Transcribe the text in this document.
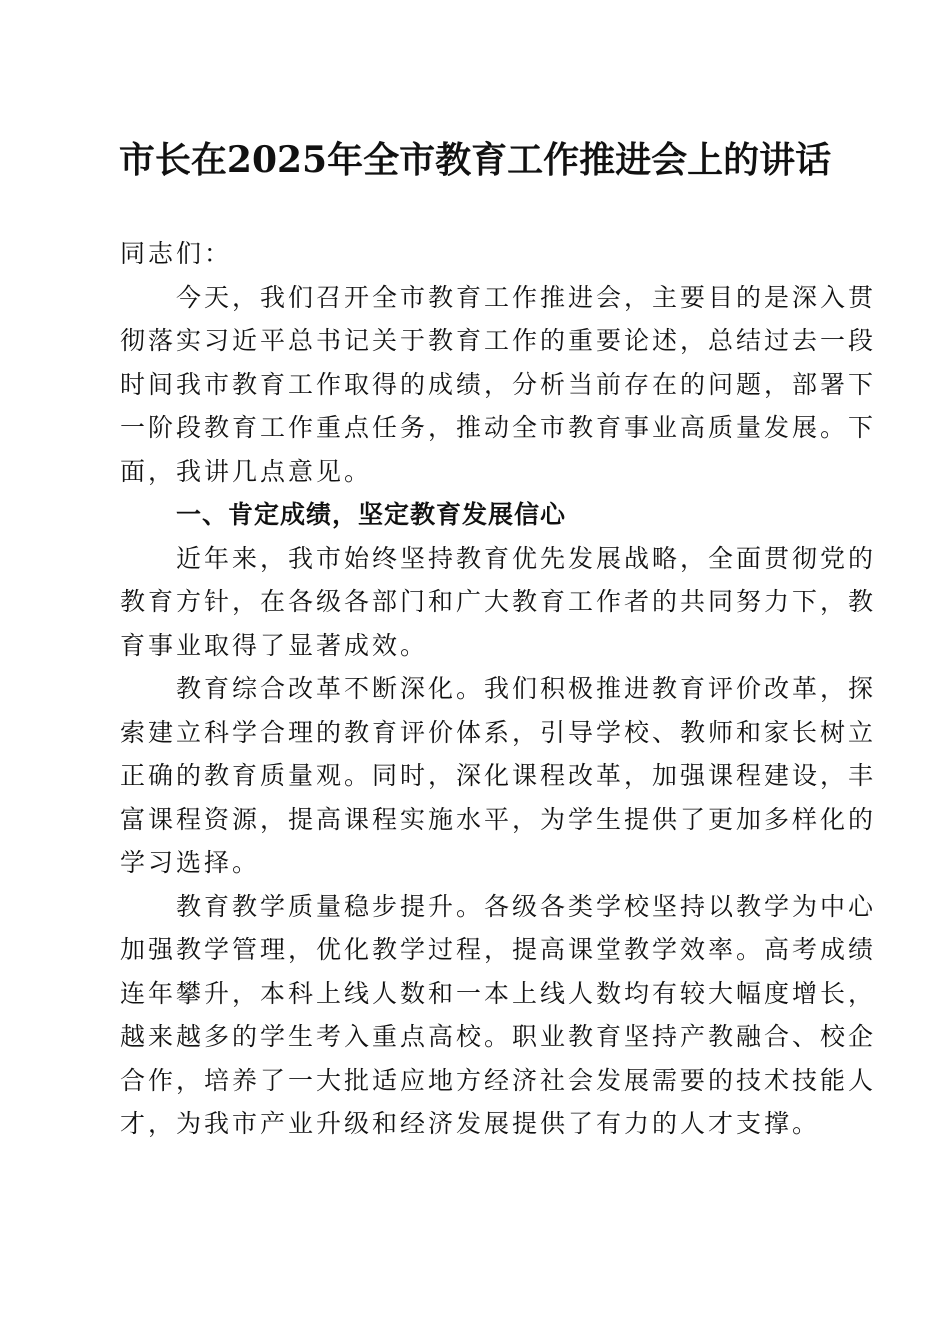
市长在2025年全市教育工作推进会上的讲话
同志们：
今天，我们召开全市教育工作推进会，主要目的是深入贯
彻落实习近平总书记关于教育工作的重要论述，总结过去一段
时间我市教育工作取得的成绩，分析当前存在的问题，部署下
一阶段教育工作重点任务，推动全市教育事业高质量发展。下
面，我讲几点意见。
一、肯定成绩，坚定教育发展信心
近年来，我市始终坚持教育优先发展战略，全面贯彻党的
教育方针，在各级各部门和广大教育工作者的共同努力下，教
育事业取得了显著成效。
教育综合改革不断深化。我们积极推进教育评价改革，探
索建立科学合理的教育评价体系，引导学校、教师和家长树立
正确的教育质量观。同时，深化课程改革，加强课程建设，丰
富课程资源，提高课程实施水平，为学生提供了更加多样化的
学习选择。
教育教学质量稳步提升。各级各类学校坚持以教学为中心
加强教学管理，优化教学过程，提高课堂教学效率。高考成绩
连年攀升，本科上线人数和一本上线人数均有较大幅度增长，
越来越多的学生考入重点高校。职业教育坚持产教融合、校企
合作，培养了一大批适应地方经济社会发展需要的技术技能人
才，为我市产业升级和经济发展提供了有力的人才支撑。
